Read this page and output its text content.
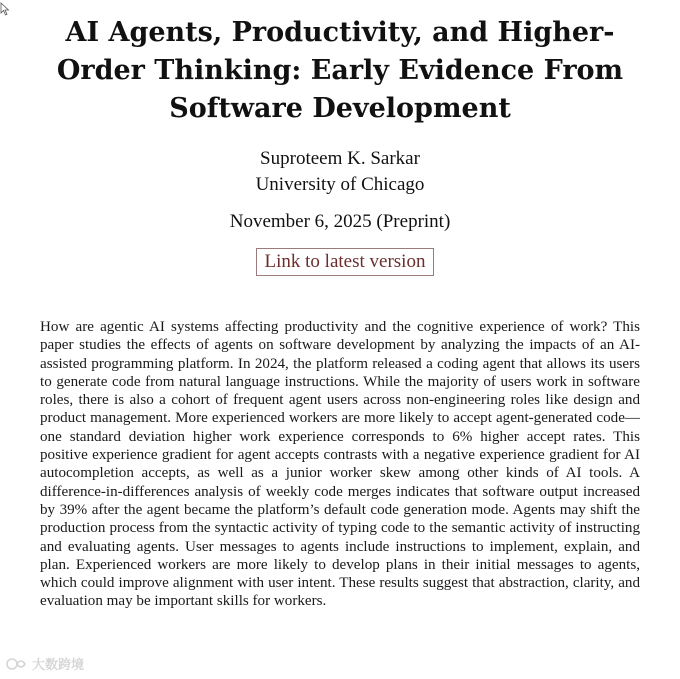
AI Agents, Productivity, and Higher-Order Thinking: Early Evidence From Software Development

Suproteem K. Sarkar

University of Chicago

November 6, 2025 (Preprint)

Link to latest version

How are agentic AI systems affecting productivity and the cognitive experience of work? This paper studies the effects of agents on software development by analyzing the impacts of an AI-assisted programming platform. In 2024, the platform released a coding agent that allows its users to generate code from natural language instructions. While the majority of users work in software roles, there is also a cohort of frequent agent users across non-engineering roles like design and product management. More experienced workers are more likely to accept agent-generated code—one standard deviation higher work experience corresponds to 6% higher accept rates. This positive experience gradient for agent accepts contrasts with a negative experience gradient for AI autocompletion accepts, as well as a junior worker skew among other kinds of AI tools. A difference-in-differences analysis of weekly code merges indicates that software output increased by 39% after the agent became the platform’s default code generation mode. Agents may shift the production process from the syntactic activity of typing code to the semantic activity of instructing and evaluating agents. User messages to agents include instructions to implement, explain, and plan. Experienced workers are more likely to develop plans in their initial messages to agents, which could improve alignment with user intent. These results suggest that abstraction, clarity, and evaluation may be important skills for workers.

大数跨境
